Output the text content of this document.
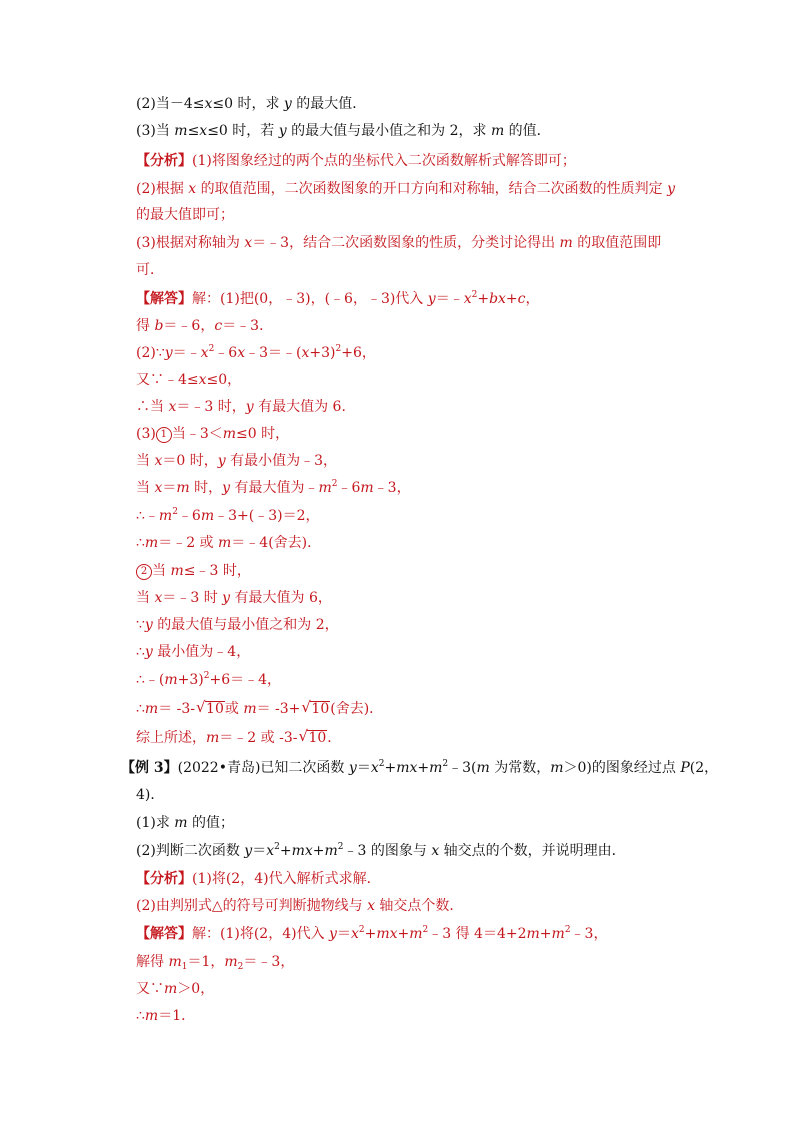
(2)当－4≤x≤0 时，求 y 的最大值．
(3)当 m≤x≤0 时，若 y 的最大值与最小值之和为 2，求 m 的值．
【分析】(1)将图象经过的两个点的坐标代入二次函数解析式解答即可；
(2)根据 x 的取值范围，二次函数图象的开口方向和对称轴，结合二次函数的性质判定 y
的最大值即可；
(3)根据对称轴为 x＝﹣3，结合二次函数图象的性质，分类讨论得出 m 的取值范围即
可．
【解答】解：(1)把(0，﹣3)，(﹣6，﹣3)代入 $y=﹣x^2+bx+c$，
得 b＝﹣6，c＝﹣3．
$(2)\because y=﹣x^2﹣6x﹣3=﹣(x+3)^2+6$，
又∵﹣4≤x≤0，
∴当 x＝﹣3 时，y 有最大值为 6．
(3) 1 当﹣3＜m≤0 时，
当 x＝0 时，y 有最小值为﹣3，
当 x＝m 时，y 有最大值为$﹣m^2﹣6m﹣3$，
$\therefore﹣m^2﹣6m﹣3+(﹣3)=2$，
∴m＝﹣2 或 m＝﹣4(舍去)．
2 当 m≤﹣3 时，
当 x＝﹣3 时 y 有最大值为 6，
∵y 的最大值与最小值之和为 2，
∴y 最小值为﹣4，
$\therefore﹣(m+3)^2+6=﹣4$，
∴m＝ -3- √ 10或 m＝ -3+ √ 10(舍去)．
综上所述，m＝﹣2 或 -3- √ 10．
【例 3】(2022•青岛)已知二次函数 $y=x^2+mx+m^2﹣3(m$ 为常数，m＞0)的图象经过点 P(2，
4)．
(1)求 m 的值；
(2)判断二次函数 $y=x^2+mx+m^2﹣3$ 的图象与 x 轴交点的个数，并说明理由．
【分析】(1)将(2，4)代入解析式求解．
(2)由判别式△的符号可判断抛物线与 x 轴交点个数．
【解答】解：(1)将(2，4)代入 $y=x^2+mx+m^2﹣3$ 得 $4=4+2m+m^2﹣3$，
解得 $m_1=1$，$m_2=﹣3$，
又∵m＞0，
∴m＝1．
